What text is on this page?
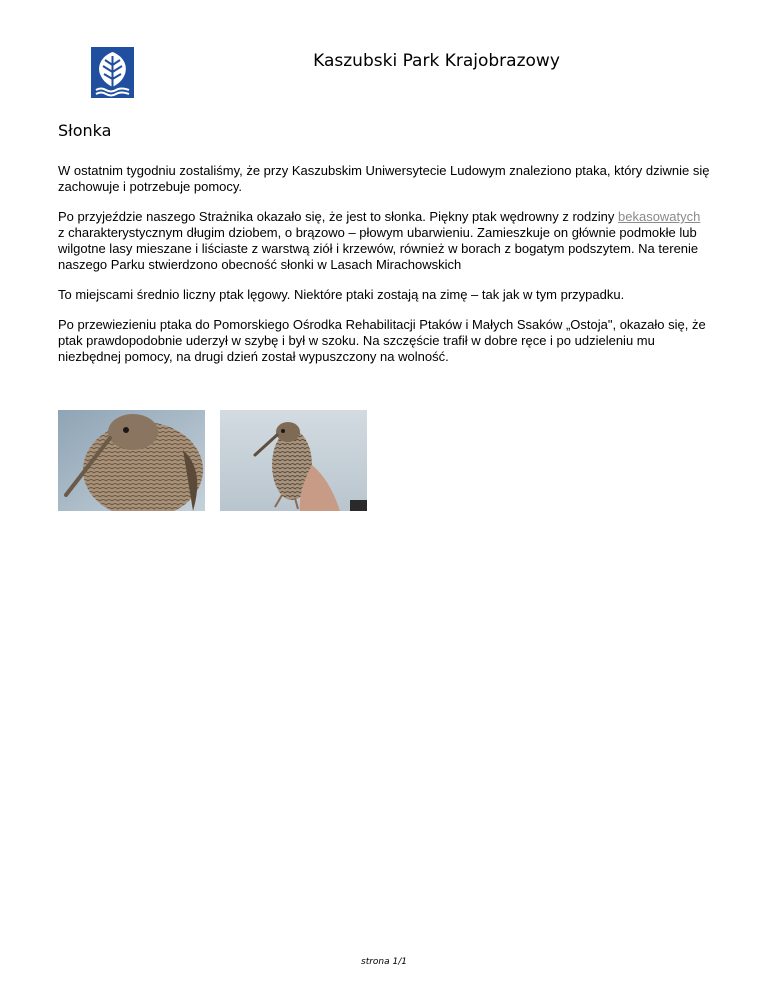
Kaszubski Park Krajobrazowy
Słonka

W ostatnim tygodniu zostaliśmy, że przy Kaszubskim Uniwersytecie Ludowym znaleziono ptaka, który dziwnie się zachowuje i potrzebuje pomocy.

Po przyjeździe naszego Strażnika okazało się, że jest to słonka. Piękny ptak wędrowny z rodziny bekasowatych
z charakterystycznym długim dziobem, o brązowo – płowym ubarwieniu. Zamieszkuje on głównie podmokłe lub wilgotne lasy mieszane i liściaste z warstwą ziół i krzewów, również w borach z bogatym podszytem. Na terenie naszego Parku stwierdzono obecność słonki w Lasach Mirachowskich

To miejscami średnio liczny ptak lęgowy. Niektóre ptaki zostają na zimę – tak jak w tym przypadku.

Po przewiezieniu ptaka do Pomorskiego Ośrodka Rehabilitacji Ptaków i Małych Ssaków „Ostoja", okazało się, że ptak prawdopodobnie uderzył w szybę i był w szoku. Na szczęście trafił w dobre ręce i po udzieleniu mu niezbędnej pomocy, na drugi dzień został wypuszczony na wolność.

strona 1/1
